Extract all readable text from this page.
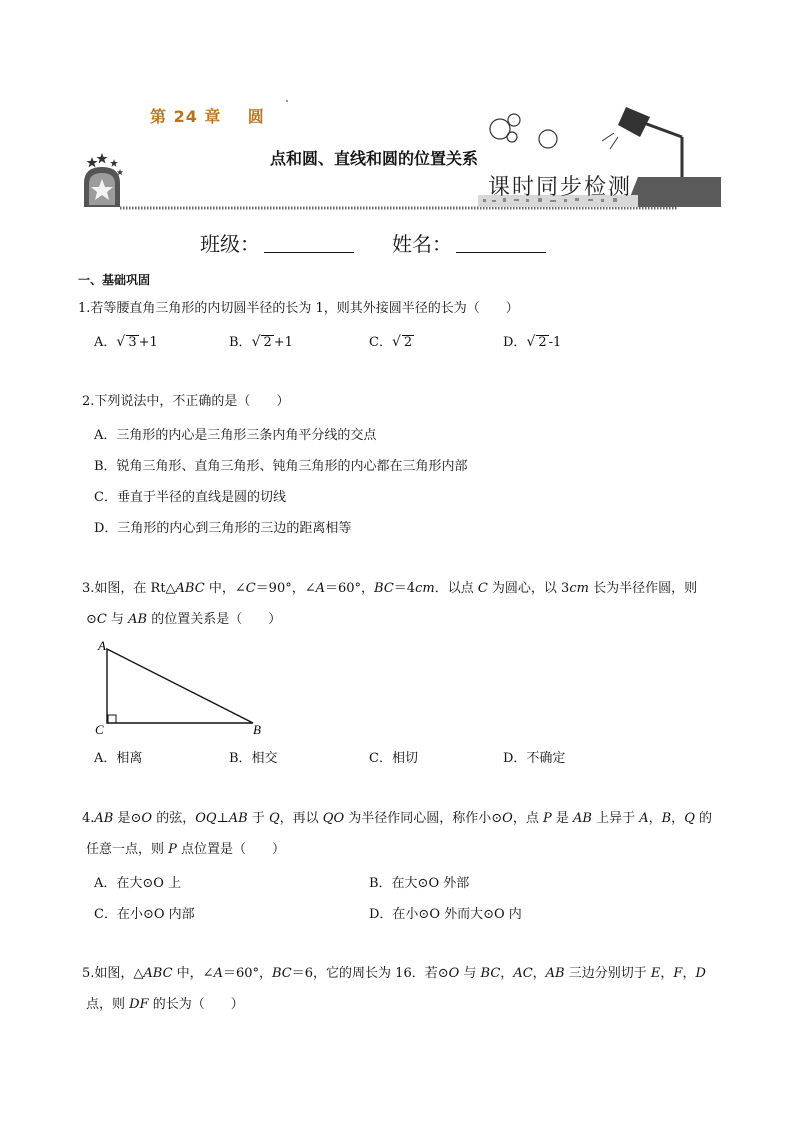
第 24 章    圆
点和圆、直线和圆的位置关系
课时同步检测
班级：	姓名：
一、基础巩固
1.若等腰直角三角形的内切圆半径的长为 1，则其外接圆半径的长为（　　）
A．√ 3 +1	B．√ 2 +1	C．√ 2	D．√ 2 -1
2.下列说法中，不正确的是（　　）
A．三角形的内心是三角形三条内角平分线的交点
B．锐角三角形、直角三角形、钝角三角形的内心都在三角形内部
C．垂直于半径的直线是圆的切线
D．三角形的内心到三角形的三边的距离相等
3.如图，在 Rt△ABC 中，∠C＝90°，∠A＝60°，BC＝4cm．以点 C 为圆心，以 3cm 长为半径作圆，则
⊙C 与 AB 的位置关系是（　　）
A
C	B
A．相离	B．相交	C．相切	D．不确定
4.AB 是⊙O 的弦，OQ⊥AB 于 Q，再以 QO 为半径作同心圆，称作小⊙O，点 P 是 AB 上异于 A，B，Q 的
任意一点，则 P 点位置是（　　）
A．在大⊙O 上	B．在大⊙O 外部
C．在小⊙O 内部	D．在小⊙O 外而大⊙O 内
5.如图，△ABC 中，∠A＝60°，BC＝6，它的周长为 16．若⊙O 与 BC，AC，AB 三边分别切于 E，F，D
点，则 DF 的长为（　　）
